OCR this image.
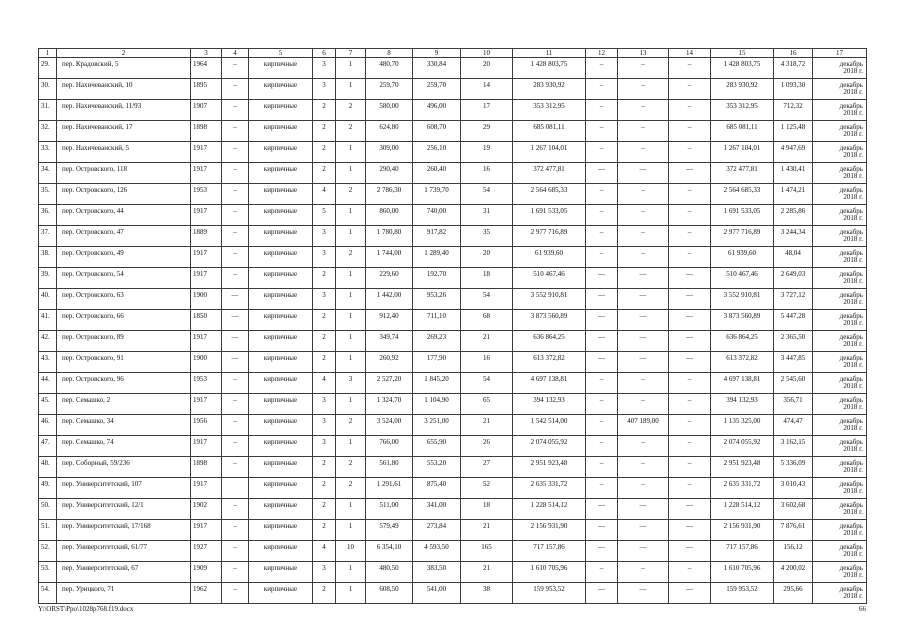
1	2	3	4	5	6	7	8	9	10	11	12	13	14	15	16	17
29.	пер. Крадовский, 5	1964	–	кирпичные	3	1	480,70	330,84	20	1 428 803,75	–	–	–	1 428 803,75	4 318,72	декабрь
2018 г.

30.	пер. Нахичеванский, 10	1895	–	кирпичные	3	1	259,70	259,70	14	283 930,92	–	–	–	283 930,92	1 093,30	декабрь
2018 г.

31.	пер. Нахичеванский, 11/93	1907	–	кирпичные	2	2	580,00	496,00	17	353 312,95	–	–	–	353 312,95	712,32	декабрь
2018 г.

32.	пер. Нахичеванский, 17	1898	–	кирпичные	2	2	624,80	608,70	29	685 081,11	–	–	–	685 081,11	1 125,48	декабрь
2018 г.

33.	пер. Нахичеванский, 5	1917	–	кирпичные	2	1	309,00	256,10	19	1 267 104,01	–	–	–	1 267 104,01	4 947,69	декабрь
2018 г.

34.	пер. Островского, 118	1917	–	кирпичные	2	1	290,40	260,40	16	372 477,81	—	—	—	372 477,81	1 430,41	декабрь
2018 г.

35.	пер. Островского, 126	1953	–	кирпичные	4	2	2 786,30	1 739,70	54	2 564 685,33	–	–	–	2 564 685,33	1 474,21	декабрь
2018 г.

36.	пер. Островского, 44	1917	–	кирпичные	5	1	860,00	740,00	31	1 691 533,05	–	–	–	1 691 533,05	2 285,86	декабрь
2018 г.

37.	пер. Островского, 47	1889	–	кирпичные	3	1	1 780,80	917,82	35	2 977 716,89	–	–	–	2 977 716,89	3 244,34	декабрь
2018 г.

38.	пер. Островского, 49	1917	–	кирпичные	3	2	1 744,00	1 289,40	20	61 939,60	–	–	–	61 939,60	48,04	декабрь
2018 г.

39.	пер. Островского, 54	1917	–	кирпичные	2	1	229,60	192,70	18	510 467,46	—	—	—	510 467,46	2 649,03	декабрь
2018 г.

40.	пер. Островского, 63	1900	—	кирпичные	3	1	1 442,00	953,26	54	3 552 910,81	—	—	—	3 552 910,81	3 727,12	декабрь
2018 г.

41.	пер. Островского, 66	1850	—	кирпичные	2	1	912,40	711,10	68	3 873 560,89	—	—	—	3 873 560,89	5 447,28	декабрь
2018 г.

42.	пер. Островского, 89	1917	—	кирпичные	2	1	349,74	269,23	21	636 864,25	—	—	—	636 864,25	2 365,50	декабрь
2018 г.

43.	пер. Островского, 91	1900	—	кирпичные	2	1	260,92	177,90	16	613 372,82	—	—	—	613 372,82	3 447,85	декабрь
2018 г.

44.	пер. Островского, 96	1953	–	кирпичные	4	3	2 527,20	1 845,20	54	4 697 138,81	–	–	–	4 697 138,81	2 545,60	декабрь
2018 г.

45.	пер. Семашко, 2	1917	–	кирпичные	3	1	1 324,70	1 104,90	65	394 132,93	–	–	–	394 132,93	356,71	декабрь
2018 г.

46.	пер. Семашко, 34	1956	–	кирпичные	3	2	3 524,00	3 251,00	21	1 542 514,00	–	407 189,00	–	1 135 325,00	474,47	декабрь
2018 г.

47.	пер. Семашко, 74	1917	–	кирпичные	3	1	766,00	655,90	26	2 074 055,92	–	–	–	2 074 055,92	3 162,15	декабрь
2018 г.

48.	пер. Соборный, 59/236	1898	–	кирпичные	2	2	561,80	553,20	27	2 951 923,48	–	–	–	2 951 923,48	5 336,09	декабрь
2018 г.

49.	пер. Университетский, 107	1917		кирпичные	2	2	1 291,61	875,40	52	2 635 331,72	–	–	–	2 635 331,72	3 010,43	декабрь
2018 г.

50.	пер. Университетский, 12/1	1902	–	кирпичные	2	1	511,00	341,00	18	1 228 514,12	—	—	—	1 228 514,12	3 602,68	декабрь
2018 г.

51.	пер. Университетский, 17/168	1917	–	кирпичные	2	1	579,49	273,84	21	2 156 931,90	—	—	—	2 156 931,90	7 876,61	декабрь
2018 г.

52.	пер. Университетский, 61/77	1927	–	кирпичные	4	10	6 354,10	4 593,50	165	717 157,86	—	—	—	717 157,86	156,12	декабрь
2018 г.

53.	пер. Университетский, 67	1909	–	кирпичные	3	1	480,50	383,50	21	1 610 705,96	–	–	–	1 610 705,96	4 200,02	декабрь
2018 г.

54.	пер. Урицкого, 71	1962	–	кирпичные	2	1	608,50	541,00	38	159 953,52	—	—	—	159 953,52	295,66	декабрь
2018 г.
Y:\ORST\Ppo\1028p768.f19.docx	66
